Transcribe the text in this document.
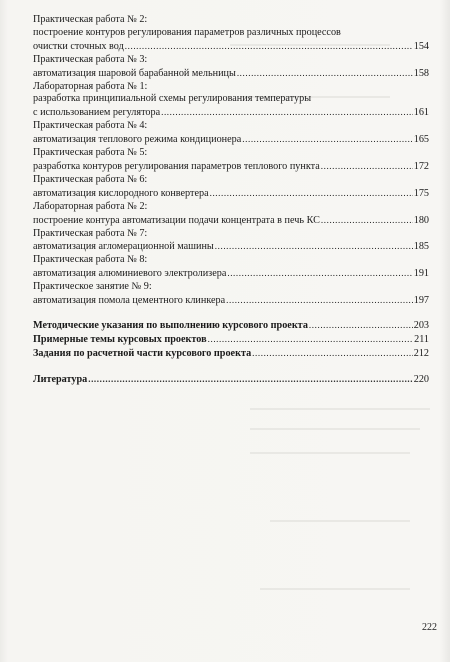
Практическая работа № 2:
построение контуров регулирования параметров различных процессов
очистки сточных вод .....	154
Практическая работа № 3:
автоматизация шаровой барабанной мельницы .....	158
Лабораторная работа № 1:
разработка принципиальной схемы регулирования температуры
с использованием регулятора .....	161
Практическая работа № 4:
автоматизация теплового режима кондиционера .....	165
Практическая работа № 5:
разработка контуров регулирования параметров теплового пункта .....	172
Практическая работа № 6:
автоматизация кислородного конвертера .....	175
Лабораторная работа № 2:
построение контура автоматизации подачи концентрата в печь КС .....	180
Практическая работа № 7:
автоматизация агломерационной машины .....	185
Практическая работа № 8:
автоматизация алюминиевого электролизера .....	191
Практическое занятие № 9:
автоматизация помола цементного клинкера .....	197
Методические указания по выполнению курсового проекта .....	203
Примерные темы курсовых проектов .....	211
Задания по расчетной части курсового проекта .....	212
Литература .....	220
222
